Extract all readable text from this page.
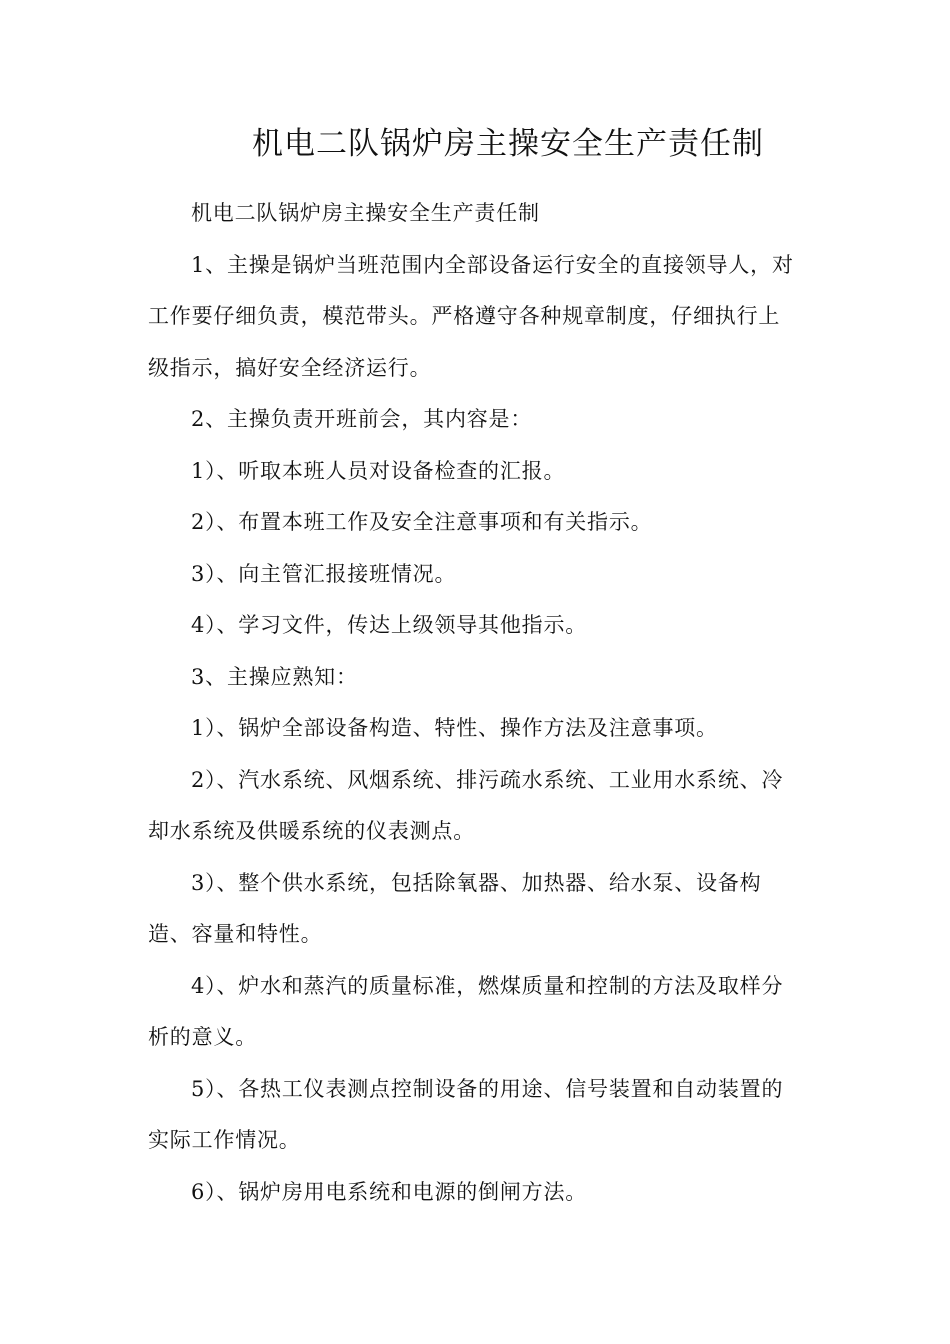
机电二队锅炉房主操安全生产责任制

机电二队锅炉房主操安全生产责任制

1、主操是锅炉当班范围内全部设备运行安全的直接领导人，对工作要仔细负责，模范带头。严格遵守各种规章制度，仔细执行上级指示，搞好安全经济运行。

2、主操负责开班前会，其内容是：

1）、听取本班人员对设备检查的汇报。

2）、布置本班工作及安全注意事项和有关指示。

3）、向主管汇报接班情况。

4）、学习文件，传达上级领导其他指示。

3、主操应熟知：

1）、锅炉全部设备构造、特性、操作方法及注意事项。

2）、汽水系统、风烟系统、排污疏水系统、工业用水系统、冷却水系统及供暖系统的仪表测点。

3）、整个供水系统，包括除氧器、加热器、给水泵、设备构造、容量和特性。

4）、炉水和蒸汽的质量标准，燃煤质量和控制的方法及取样分析的意义。

5）、各热工仪表测点控制设备的用途、信号装置和自动装置的实际工作情况。

6）、锅炉房用电系统和电源的倒闸方法。
